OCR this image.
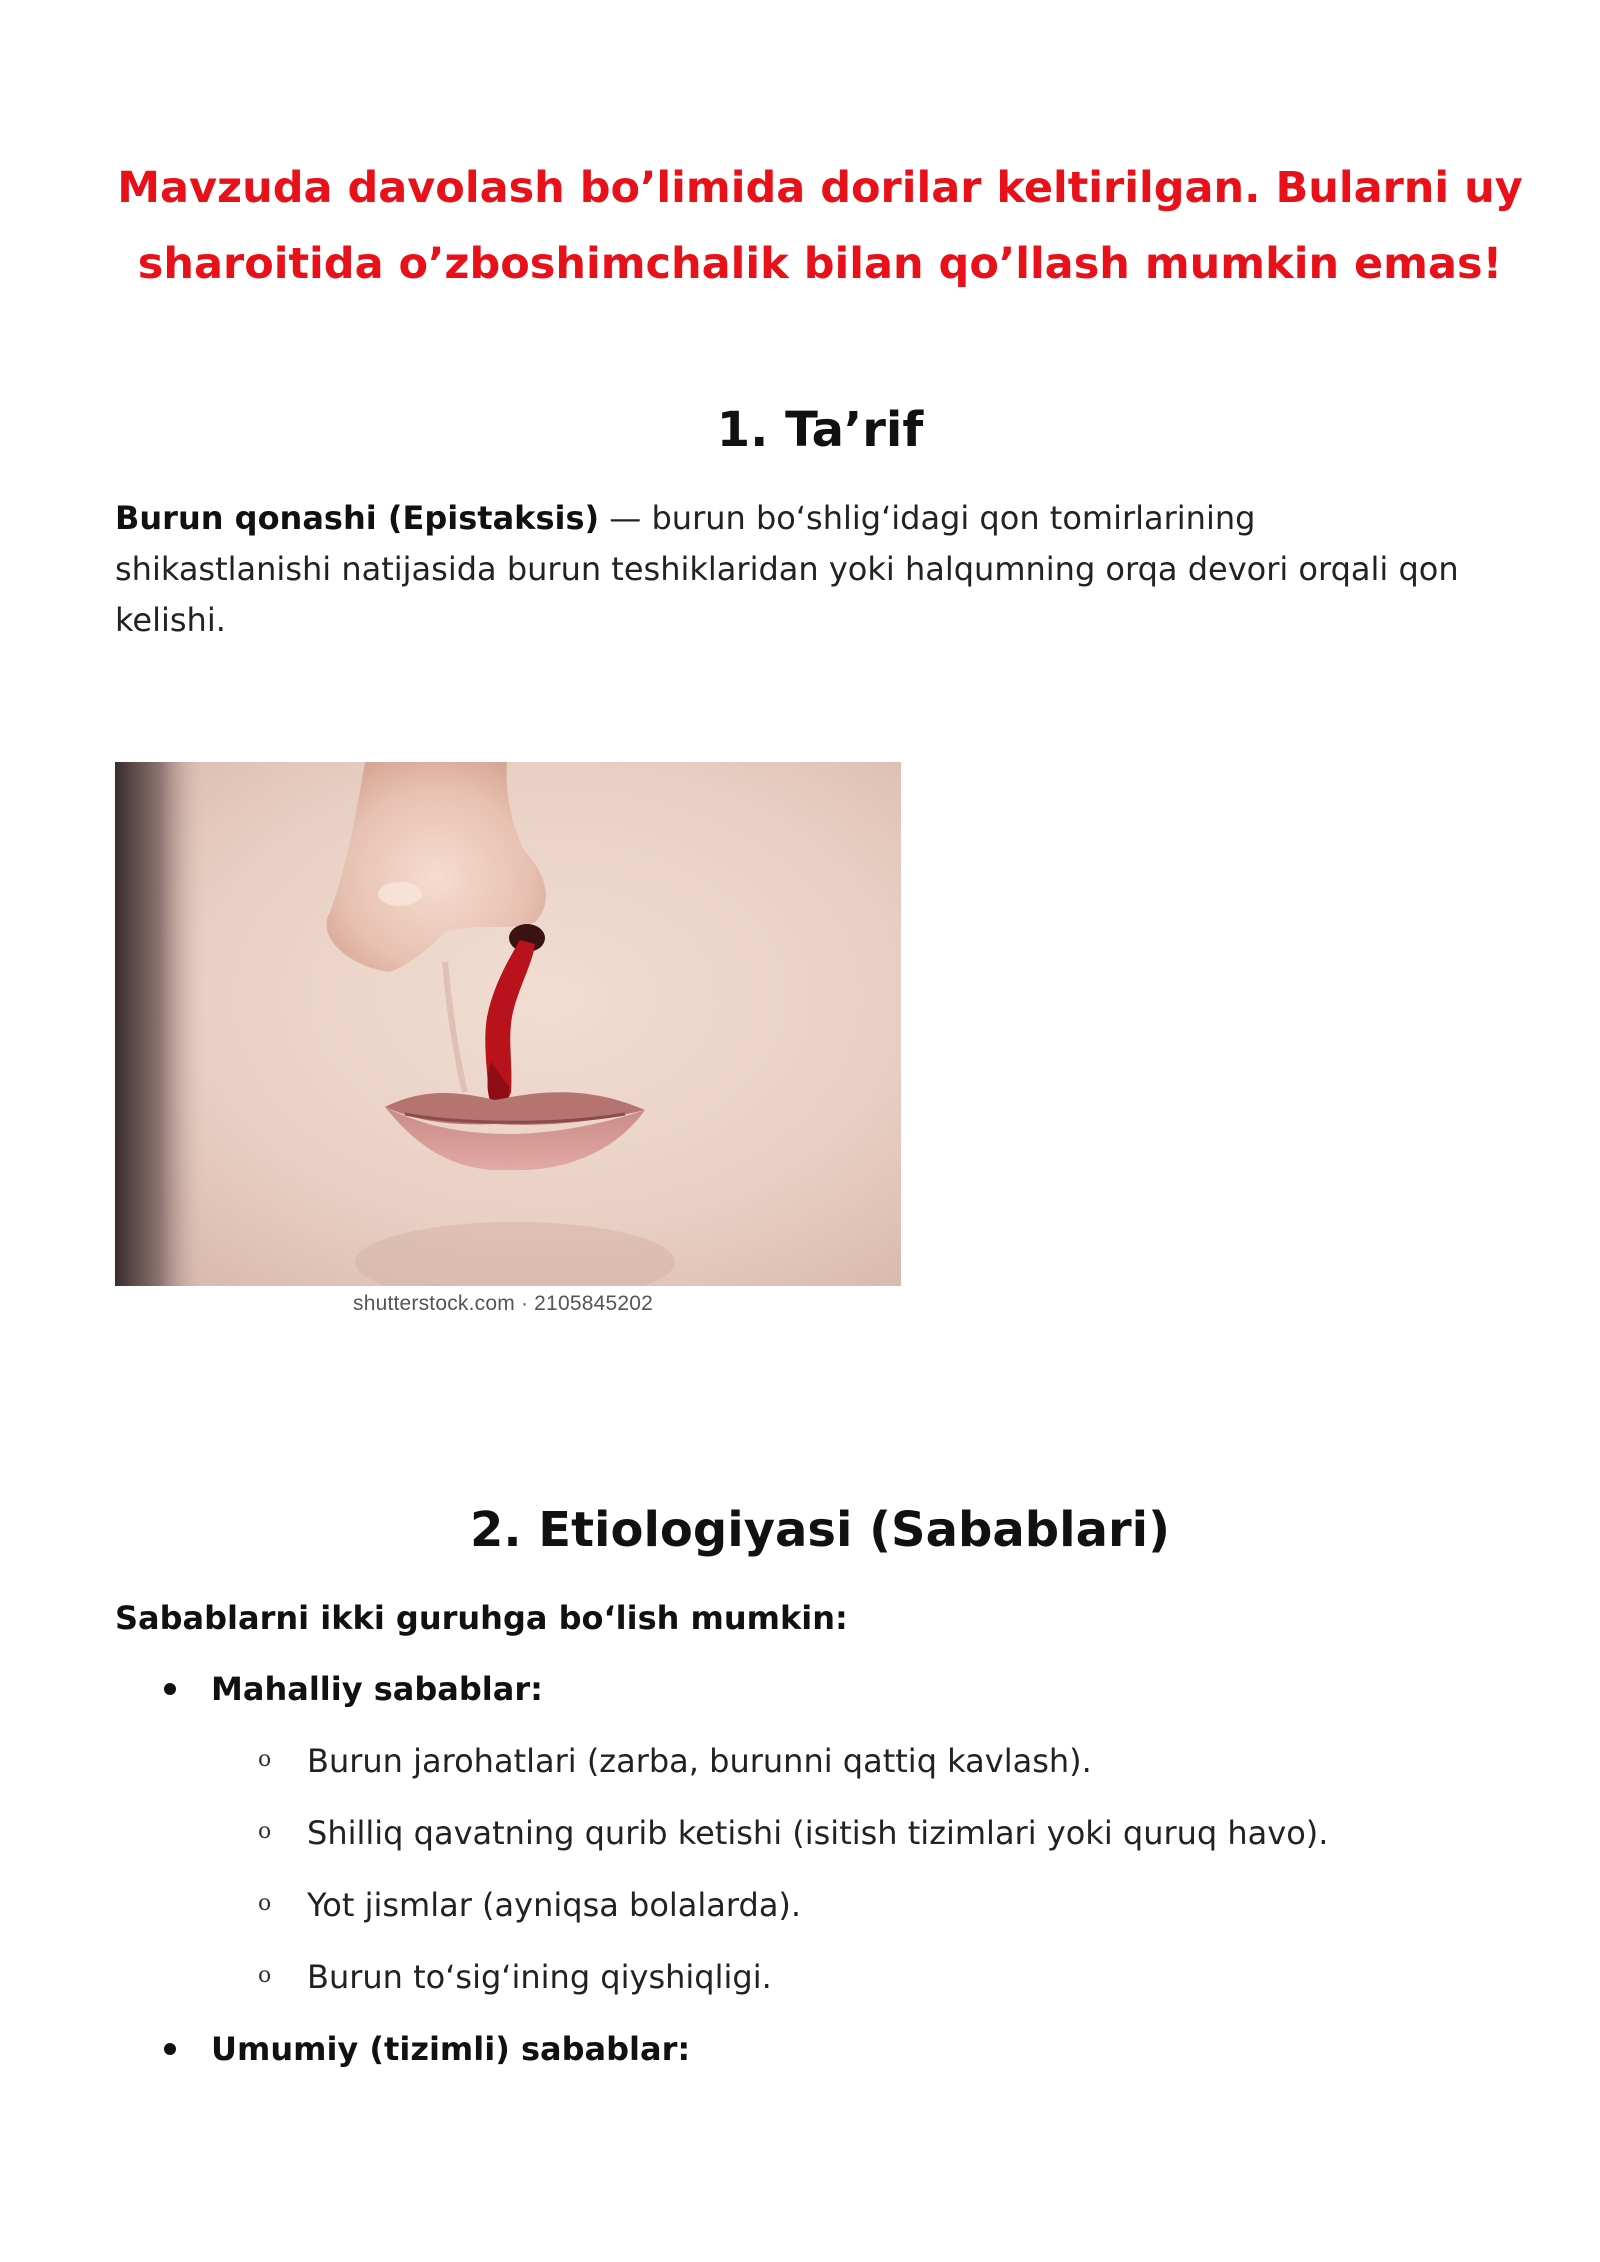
Mavzuda davolash bo’limida dorilar keltirilgan. Bularni uy sharoitida o’zboshimchalik bilan qo’llash mumkin emas!

1. Ta’rif

Burun qonashi (Epistaksis) — burun bo‘shlig‘idagi qon tomirlarining shikastlanishi natijasida burun teshiklaridan yoki halqumning orqa devori orqali qon kelishi.

shutterstock.com · 2105845202
2. Etiologiyasi (Sabablari)

Sabablarni ikki guruhga bo‘lish mumkin:

Mahalliy sabablar:

o Burun jarohatlari (zarba, burunni qattiq kavlash).

o Shilliq qavatning qurib ketishi (isitish tizimlari yoki quruq havo).

o Yot jismlar (ayniqsa bolalarda).

o Burun to‘sig‘ining qiyshiqligi.

Umumiy (tizimli) sabablar:
